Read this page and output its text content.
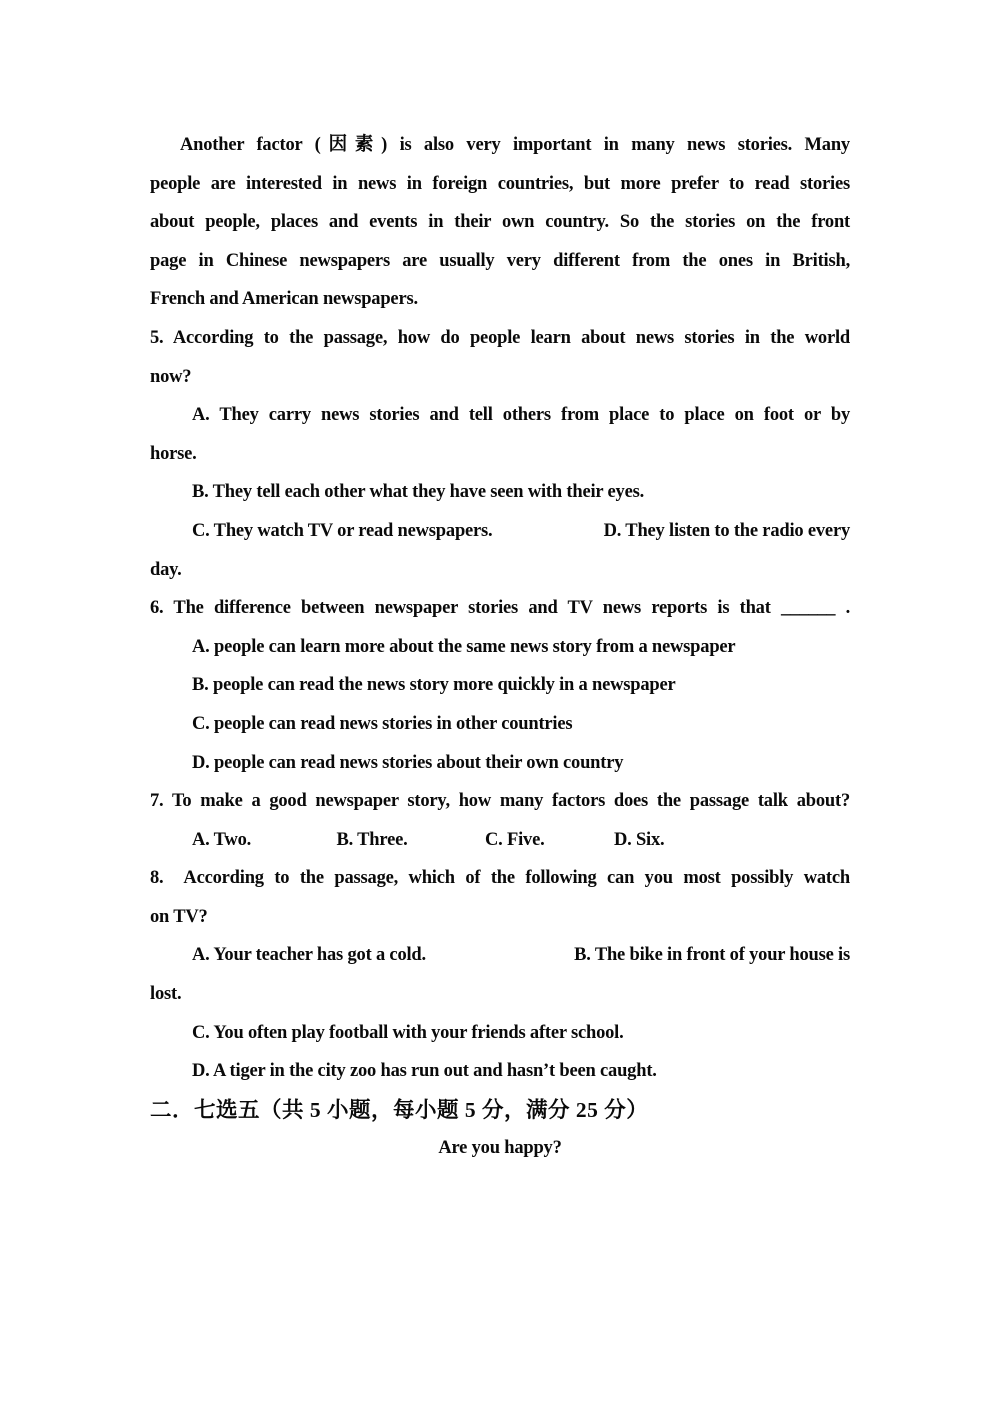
Another factor (因素) is also very important in many news stories. Many
people are interested in news in foreign countries, but more prefer to read stories
about people, places and events in their own country. So the stories on the front
page in Chinese newspapers are usually very different from the ones in British,
French and American newspapers.
5. According to the passage, how do people learn about news stories in the world
now?
A. They carry news stories and tell others from place to place on foot or by
horse.
B. They tell each other what they have seen with their eyes.
C. They watch TV or read newspapers.	D. They listen to the radio every
day.
6. The difference between newspaper stories and TV news reports is that ______ .
A. people can learn more about the same news story from a newspaper
B. people can read the news story more quickly in a newspaper
C. people can read news stories in other countries
D. people can read news stories about their own country
7. To make a good newspaper story, how many factors does the passage talk about?
A. Two.	B. Three.	C. Five.	D. Six.
8.  According to the passage, which of the following can you most possibly watch
on TV?
A. Your teacher has got a cold.	B. The bike in front of your house is
lost.
C. You often play football with your friends after school.
D. A tiger in the city zoo has run out and hasn’t been caught.
二．七选五（共 5 小题，每小题 5 分，满分 25 分）
Are you happy?
